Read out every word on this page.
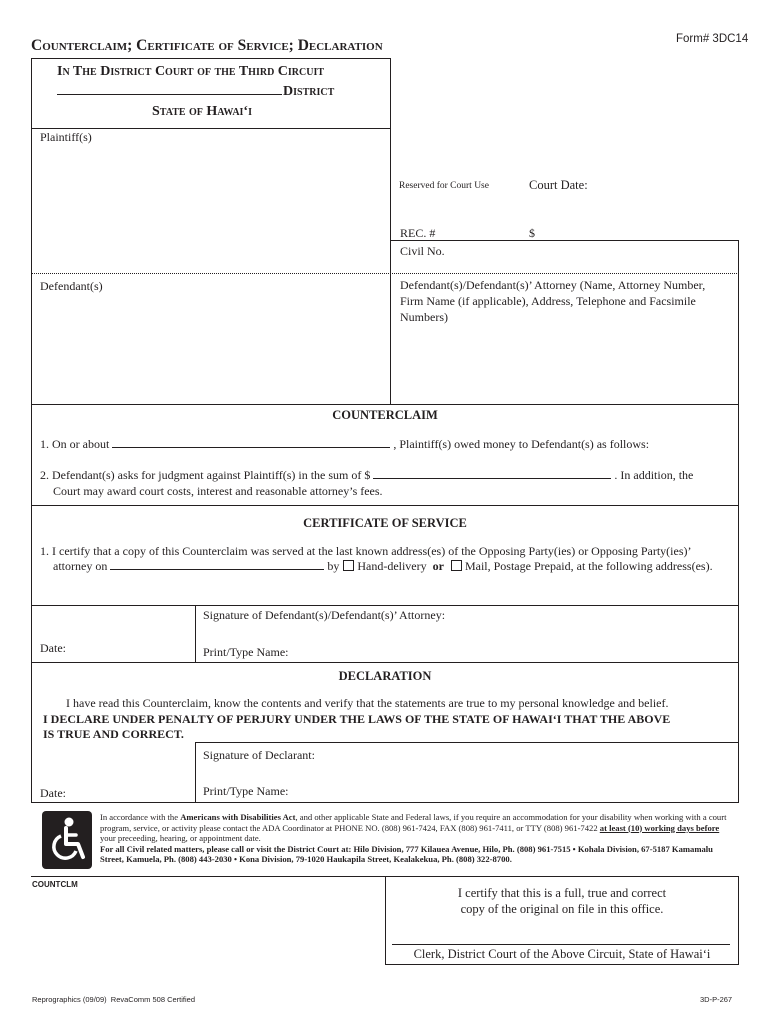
Counterclaim; Certificate of Service; Declaration	Form# 3DC14
In The District Court of the Third Circuit
District
State of Hawai‘i
Plaintiff(s)
Reserved for Court Use	Court Date:
REC. #	$
Civil No.
Defendant(s)	Defendant(s)/Defendant(s)’ Attorney (Name, Attorney Number, Firm Name (if applicable), Address, Telephone and Facsimile Numbers)
COUNTERCLAIM
1. On or about	, Plaintiff(s) owed money to Defendant(s) as follows:
2. Defendant(s) asks for judgment against Plaintiff(s) in the sum of $	. In addition, the
Court may award court costs, interest and reasonable attorney’s fees.
CERTIFICATE OF SERVICE
1. I certify that a copy of this Counterclaim was served at the last known address(es) of the Opposing Party(ies) or Opposing Party(ies)’
attorney on	by Hand-delivery or Mail, Postage Prepaid, at the following address(es).
Signature of Defendant(s)/Defendant(s)’ Attorney:
Date:	Print/Type Name:
DECLARATION
I have read this Counterclaim, know the contents and verify that the statements are true to my personal knowledge and belief.
I DECLARE UNDER PENALTY OF PERJURY UNDER THE LAWS OF THE STATE OF HAWAI‘I THAT THE ABOVE
IS TRUE AND CORRECT.
Signature of Declarant:
Date:	Print/Type Name:
In accordance with the Americans with Disabilities Act, and other applicable State and Federal laws, if you require an accommodation for your disability when working with a court program, service, or activity please contact the ADA Coordinator at PHONE NO. (808) 961-7424, FAX (808) 961-7411, or TTY (808) 961-7422 at least (10) working days before your preceeding, hearing, or appointment date.
For all Civil related matters, please call or visit the District Court at: Hilo Division, 777 Kilauea Avenue, Hilo, Ph. (808) 961-7515 • Kohala Division, 67-5187 Kamamalu Street, Kamuela, Ph. (808) 443-2030 • Kona Division, 79-1020 Haukapila Street, Kealakekua, Ph. (808) 322-8700.
COUNTCLM
I certify that this is a full, true and correct
copy of the original on file in this office.
Clerk, District Court of the Above Circuit, State of Hawai‘i
Reprographics (09/09) RevaComm 508 Certified	3D-P-267
